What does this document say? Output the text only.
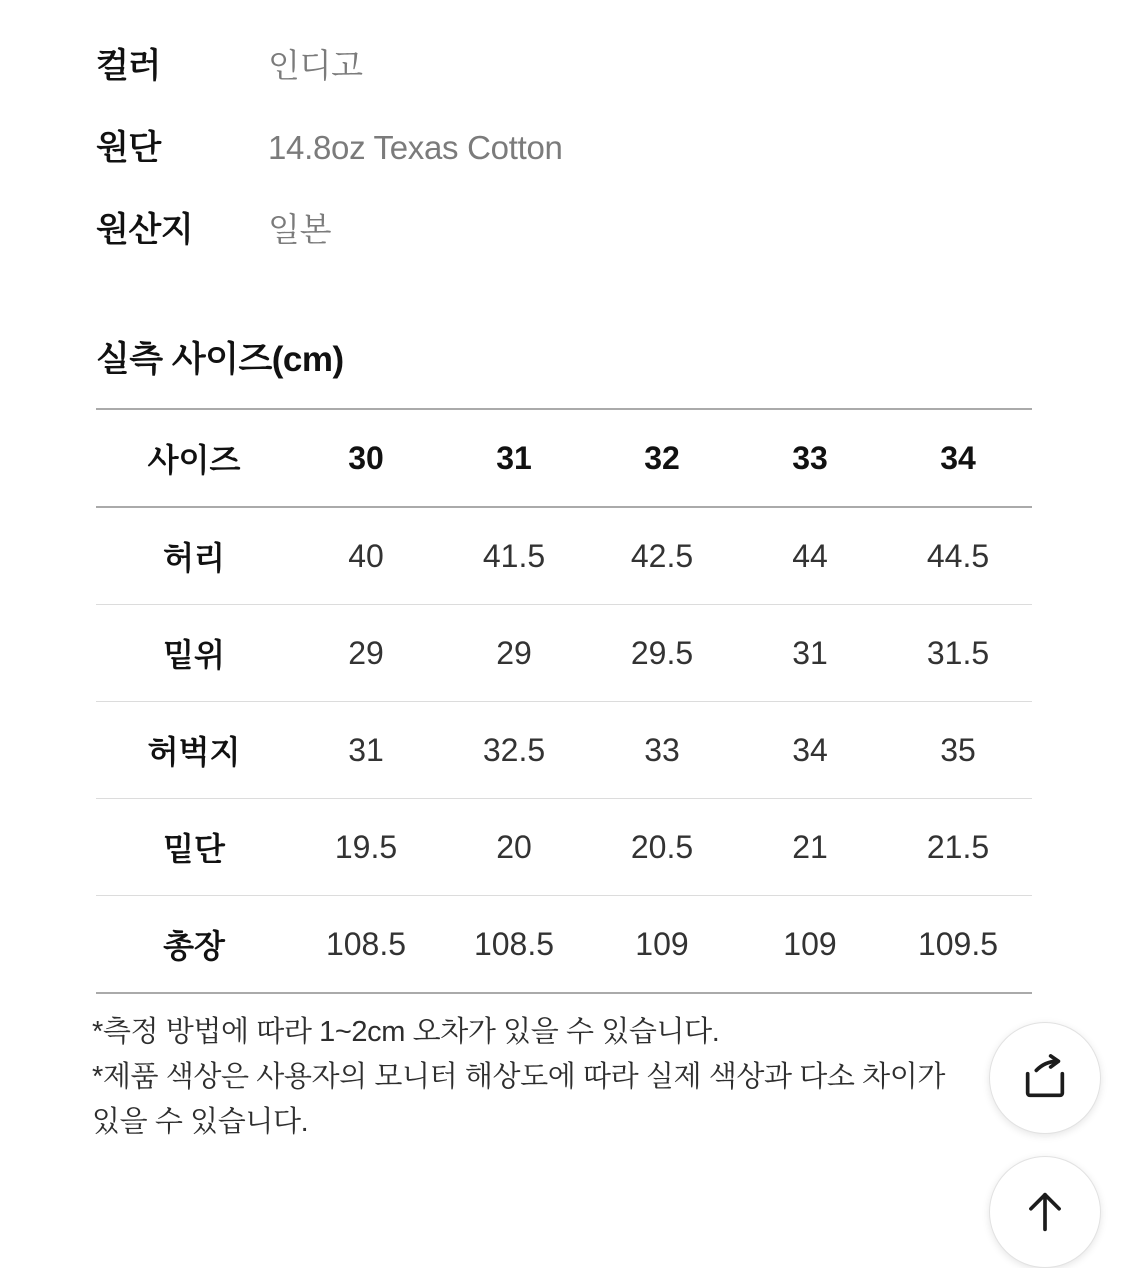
컬러	인디고
원단	14.8oz Texas Cotton
원산지	일본
실측 사이즈(cm)
사이즈	30	31	32	33	34
허리	40	41.5	42.5	44	44.5
밑위	29	29	29.5	31	31.5
허벅지	31	32.5	33	34	35
밑단	19.5	20	20.5	21	21.5
총장	108.5	108.5	109	109	109.5

*측정 방법에 따라 1~2cm 오차가 있을 수 있습니다.

*제품 색상은 사용자의 모니터 해상도에 따라 실제 색상과 다소 차이가

있을 수 있습니다.
